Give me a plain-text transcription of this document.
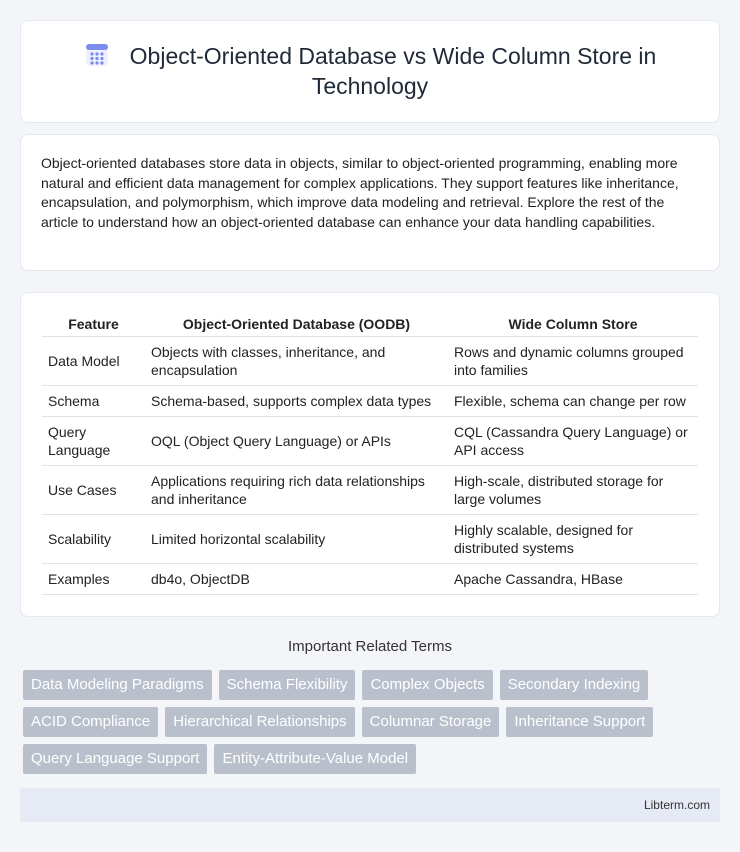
Object-Oriented Database vs Wide Column Store in Technology

Object-oriented databases store data in objects, similar to object-oriented programming, enabling more natural and efficient data management for complex applications. They support features like inheritance, encapsulation, and polymorphism, which improve data modeling and retrieval. Explore the rest of the article to understand how an object-oriented database can enhance your data handling capabilities.

Feature	Object-Oriented Database (OODB)	Wide Column Store
Data Model	Objects with classes, inheritance, and encapsulation	Rows and dynamic columns grouped into families
Schema	Schema-based, supports complex data types	Flexible, schema can change per row
Query Language	OQL (Object Query Language) or APIs	CQL (Cassandra Query Language) or API access
Use Cases	Applications requiring rich data relationships and inheritance	High-scale, distributed storage for large volumes
Scalability	Limited horizontal scalability	Highly scalable, designed for distributed systems
Examples	db4o, ObjectDB	Apache Cassandra, HBase
Important Related Terms
Data Modeling Paradigms	Schema Flexibility	Complex Objects	Secondary Indexing
ACID Compliance	Hierarchical Relationships	Columnar Storage	Inheritance Support
Query Language Support	Entity-Attribute-Value Model
Libterm.com
